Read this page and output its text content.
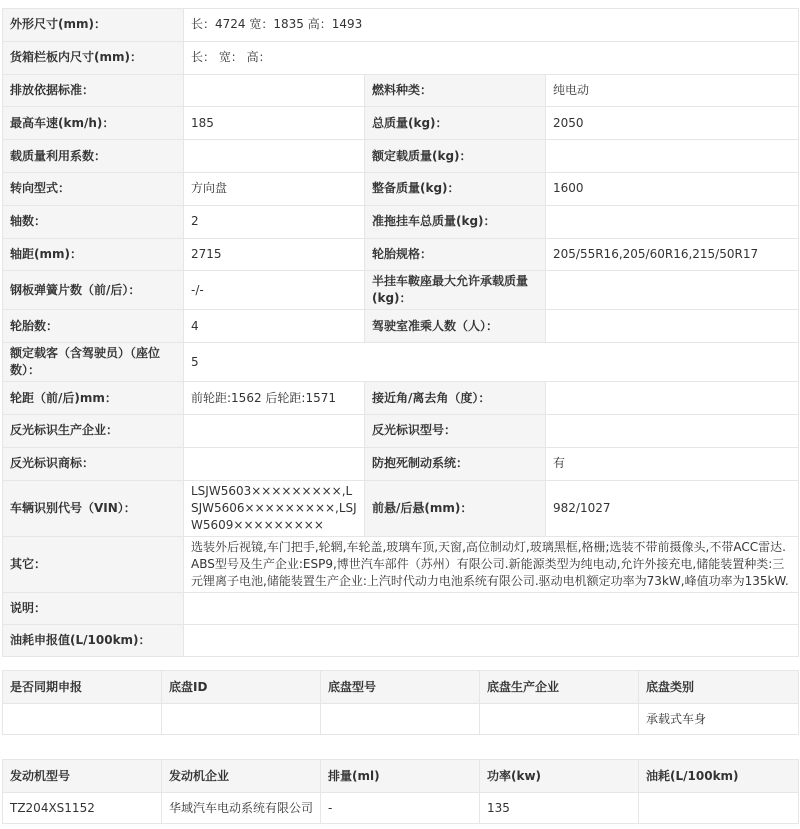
外形尺寸(mm)：	长：4724 宽：1835 高：1493		
货箱栏板内尺寸(mm)：	长： 宽： 高：		
排放依据标准：		燃料种类：	纯电动
最高车速(km/h)：	185	总质量(kg)：	2050
载质量利用系数：		额定载质量(kg)：	
转向型式：	方向盘	整备质量(kg)：	1600
轴数：	2	准拖挂车总质量(kg)：	
轴距(mm)：	2715	轮胎规格：	205/55R16,205/60R16,215/50R17
钢板弹簧片数（前/后）：	-/-	半挂车鞍座最大允许承载质量(kg)：	
轮胎数：	4	驾驶室准乘人数（人）：	
额定载客（含驾驶员）（座位数）：	5		
轮距（前/后)mm：	前轮距:1562 后轮距:1571	接近角/离去角（度）：	
反光标识生产企业：		反光标识型号：	
反光标识商标：		防抱死制动系统：	有
车辆识别代号（VIN）：	LSJW5603×××××××××,LSJW5606×××××××××,LSJW5609×××××××××	前悬/后悬(mm)：	982/1027
其它：	选装外后视镜,车门把手,轮辋,车轮盖,玻璃车顶,天窗,高位制动灯,玻璃黑框,格栅;选装不带前摄像头,不带ACC雷达.ABS型号及生产企业:ESP9,博世汽车部件（苏州）有限公司.新能源类型为纯电动,允许外接充电,储能装置种类:三元锂离子电池,储能装置生产企业:上汽时代动力电池系统有限公司.驱动电机额定功率为73kW,峰值功率为135kW.		
说明：			
油耗申报值(L/100km)：			
是否同期申报	底盘ID	底盘型号	底盘生产企业	底盘类别
				承载式车身
发动机型号	发动机企业	排量(ml)	功率(kw)	油耗(L/100km)
TZ204XS1152	华域汽车电动系统有限公司	-	135	
